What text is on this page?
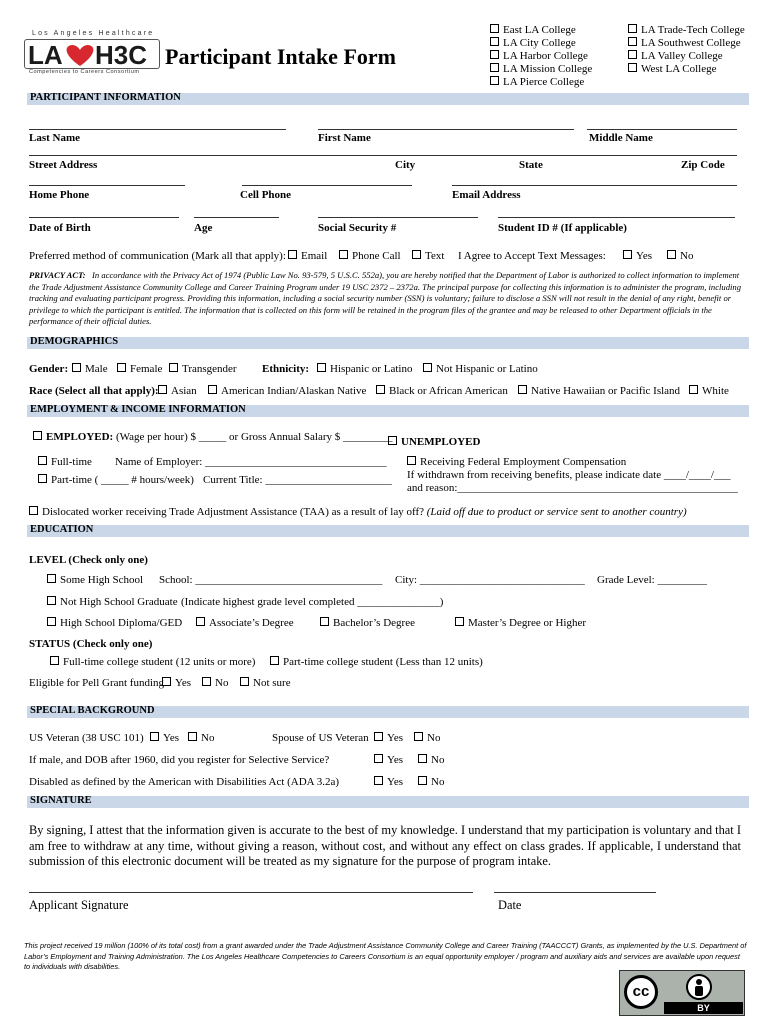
Los Angeles Healthcare
LA H3C
Competencies to Careers Consortium
Participant Intake Form
East LA College
LA City College
LA Harbor College
LA Mission College
LA Pierce College
LA Trade-Tech College
LA Southwest College
LA Valley College
West LA College
PARTICIPANT INFORMATION
Last Name	First Name	Middle Name
Street Address	City	State	Zip Code
Home Phone	Cell Phone	Email Address
Date of Birth	Age	Social Security #	Student ID # (If applicable)
Preferred method of communication (Mark all that apply):	Email	Phone Call	Text I Agree to Accept Text Messages:	Yes	No
PRIVACY ACT: In accordance with the Privacy Act of 1974 (Public Law No. 93-579, 5 U.S.C. 552a), you are hereby notified that the Department of Labor is authorized to collect information to implement the Trade Adjustment Assistance Community College and Career Training Program under 19 USC 2372 – 2372a. The principal purpose for collecting this information is to administer the program, including tracking and evaluating participant progress. Providing this information, including a social security number (SSN) is voluntary; failure to disclose a SSN will not result in the denial of any right, benefit or privilege to which the participant is entitled. The information that is collected on this form will be retained in the program files of the grantee and may be released to other Department officials in the performance of their official duties.
DEMOGRAPHICS
Gender:	Male	Female	Transgender Ethnicity:	Hispanic or Latino	Not Hispanic or Latino
Race (Select all that apply):	Asian	American Indian/Alaskan Native	Black or African American	Native Hawaiian or Pacific Island	White
EMPLOYMENT & INCOME INFORMATION
EMPLOYED: (Wage per hour) $ _____ or Gross Annual Salary $ _________ UNEMPLOYED
Full-time Name of Employer: _________________________________	Receiving Federal Employment Compensation
If withdrawn from receiving benefits, please indicate date ____/____/___
Part-time ( _____ # hours/week) Current Title: _______________________
and reason:___________________________________________________
Dislocated worker receiving Trade Adjustment Assistance (TAA) as a result of lay off? (Laid off due to product or service sent to another country)
EDUCATION
LEVEL (Check only one)
Some High School School: __________________________________ City: ______________________________ Grade Level: _________
Not High School Graduate (Indicate highest grade level completed _______________)
High School Diploma/GED	Associate’s Degree	Bachelor’s Degree	Master’s Degree or Higher
STATUS (Check only one)
Full-time college student (12 units or more)	Part-time college student (Less than 12 units)
Eligible for Pell Grant funding Yes	No	Not sure
SPECIAL BACKGROUND
US Veteran (38 USC 101)	Yes	No	Spouse of US Veteran	Yes	No
If male, and DOB after 1960, did you register for Selective Service?	Yes	No
Disabled as defined by the American with Disabilities Act (ADA 3.2a)	Yes	No
SIGNATURE
By signing, I attest that the information given is accurate to the best of my knowledge. I understand that my participation is voluntary and that I am free to withdraw at any time, without giving a reason, without cost, and without any effect on class grades. If applicable, I understand that submission of this electronic document will be treated as my signature for the purpose of program intake.
Applicant Signature	Date
This project received 19 million (100% of its total cost) from a grant awarded under the Trade Adjustment Assistance Community College and Career Training (TAACCCT) Grants, as implemented by the U.S. Department of Labor’s Employment and Training Administration. The Los Angeles Healthcare Competencies to Careers Consortium is an equal opportunity employer / program and auxiliary aids and services are available upon request to individuals with disabilities.
cc
BY
